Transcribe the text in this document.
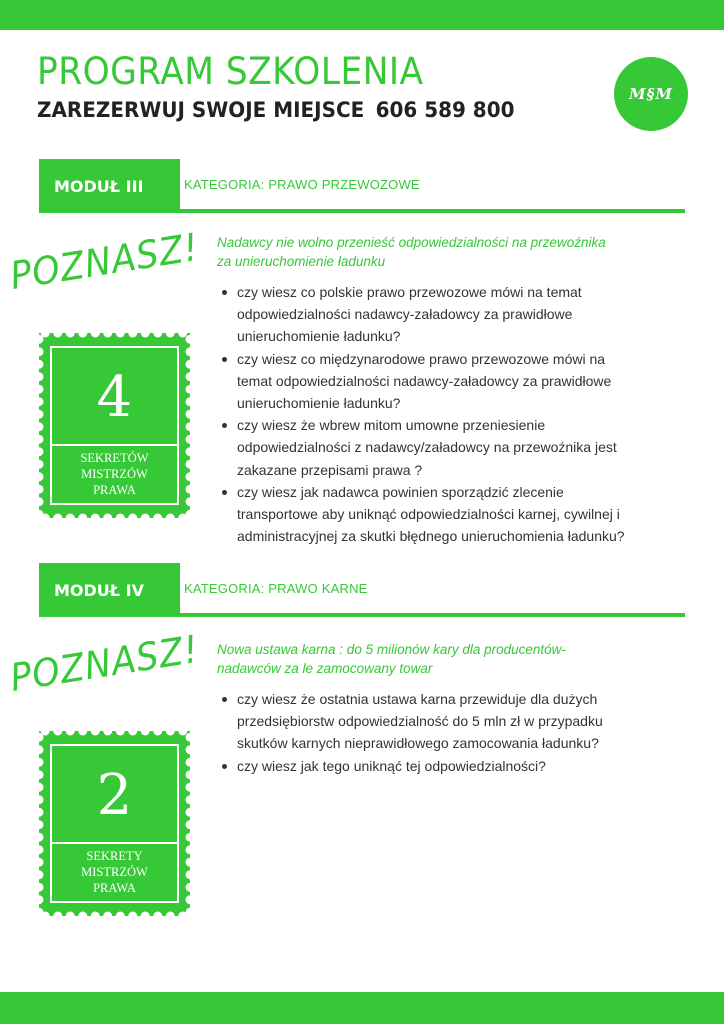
PROGRAM SZKOLENIA
ZAREZERWUJ SWOJE MIEJSCE 606 589 800
M§M
MODUŁ III	KATEGORIA: PRAWO PRZEWOZOWE
POZNASZ!
4
SEKRETÓW
MISTRZÓW
PRAWA
Nadawcy nie wolno przenieść odpowiedzialności na przewoźnika
za unieruchomienie ładunku
czy wiesz co polskie prawo przewozowe mówi na temat
odpowiedzialności nadawcy-załadowcy za prawidłowe
unieruchomienie ładunku?
czy wiesz co międzynarodowe prawo przewozowe mówi na
temat odpowiedzialności nadawcy-załadowcy za prawidłowe
unieruchomienie ładunku?
czy wiesz że wbrew mitom umowne przeniesienie
odpowiedzialności z nadawcy/załadowcy na przewoźnika jest
zakazane przepisami prawa ?
czy wiesz jak nadawca powinien sporządzić zlecenie
transportowe aby uniknąć odpowiedzialności karnej, cywilnej i
administracyjnej za skutki błędnego unieruchomienia ładunku?
MODUŁ IV	KATEGORIA: PRAWO KARNE
POZNASZ!
2
SEKRETY
MISTRZÓW
PRAWA
Nowa ustawa karna : do 5 milionów kary dla producentów-
nadawców za le zamocowany towar
czy wiesz że ostatnia ustawa karna przewiduje dla dużych
przedsiębiorstw odpowiedzialność do 5 mln zł w przypadku
skutków karnych nieprawidłowego zamocowania ładunku?
czy wiesz jak tego uniknąć tej odpowiedzialności?
